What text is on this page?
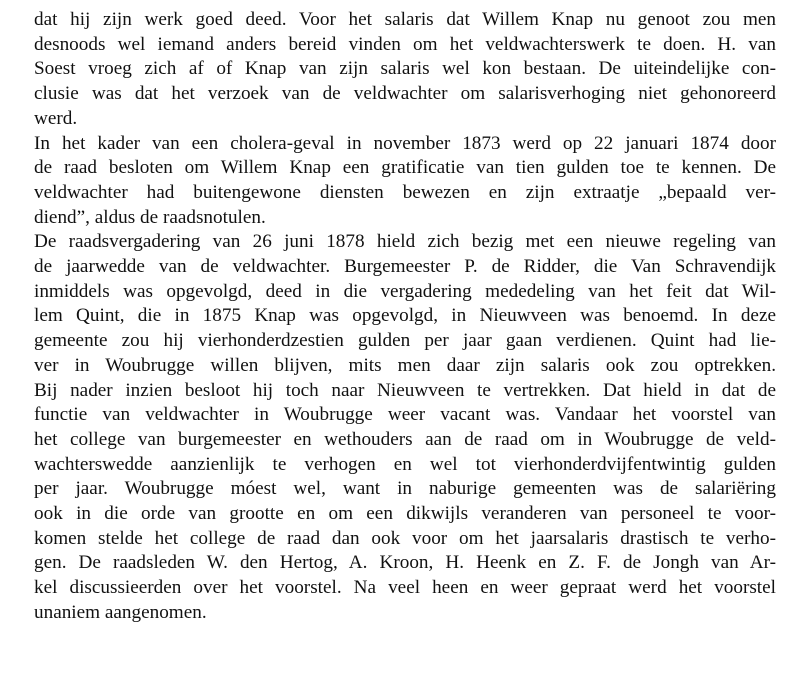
dat hij zijn werk goed deed. Voor het salaris dat Willem Knap nu genoot zou men
desnoods wel iemand anders bereid vinden om het veldwachterswerk te doen. H. van
Soest vroeg zich af of Knap van zijn salaris wel kon bestaan. De uiteindelijke con-
clusie was dat het verzoek van de veldwachter om salarisverhoging niet gehonoreerd
werd.
In het kader van een cholera-geval in november 1873 werd op 22 januari 1874 door
de raad besloten om Willem Knap een gratificatie van tien gulden toe te kennen. De
veldwachter had buitengewone diensten bewezen en zijn extraatje „bepaald ver-
diend”, aldus de raadsnotulen.
De raadsvergadering van 26 juni 1878 hield zich bezig met een nieuwe regeling van
de jaarwedde van de veldwachter. Burgemeester P. de Ridder, die Van Schravendijk
inmiddels was opgevolgd, deed in die vergadering mededeling van het feit dat Wil-
lem Quint, die in 1875 Knap was opgevolgd, in Nieuwveen was benoemd. In deze
gemeente zou hij vierhonderdzestien gulden per jaar gaan verdienen. Quint had lie-
ver in Woubrugge willen blijven, mits men daar zijn salaris ook zou optrekken.
Bij nader inzien besloot hij toch naar Nieuwveen te vertrekken. Dat hield in dat de
functie van veldwachter in Woubrugge weer vacant was. Vandaar het voorstel van
het college van burgemeester en wethouders aan de raad om in Woubrugge de veld-
wachterswedde aanzienlijk te verhogen en wel tot vierhonderdvijfentwintig gulden
per jaar. Woubrugge móest wel, want in naburige gemeenten was de salariëring
ook in die orde van grootte en om een dikwijls veranderen van personeel te voor-
komen stelde het college de raad dan ook voor om het jaarsalaris drastisch te verho-
gen. De raadsleden W. den Hertog, A. Kroon, H. Heenk en Z. F. de Jongh van Ar-
kel discussieerden over het voorstel. Na veel heen en weer gepraat werd het voorstel
unaniem aangenomen.
